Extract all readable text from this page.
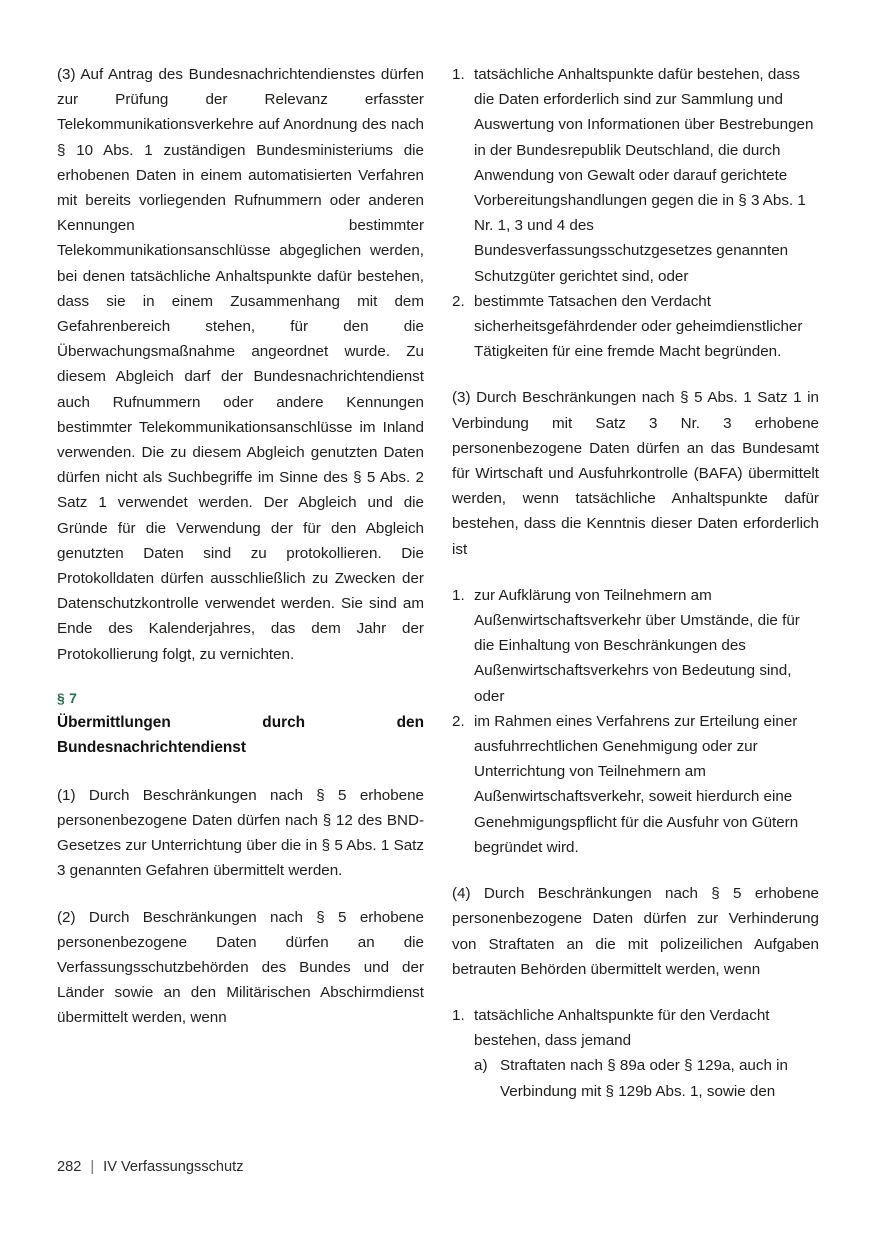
(3) Auf Antrag des Bundesnachrichtendienstes dürfen zur Prüfung der Relevanz erfasster Telekommunikationsverkehre auf Anordnung des nach § 10 Abs. 1 zuständigen Bundesministeriums die erhobenen Daten in einem automatisierten Verfahren mit bereits vorliegenden Rufnummern oder anderen Kennungen bestimmter Telekommunikationsanschlüsse abgeglichen werden, bei denen tatsächliche Anhaltspunkte dafür bestehen, dass sie in einem Zusammenhang mit dem Gefahrenbereich stehen, für den die Überwachungsmaßnahme angeordnet wurde. Zu diesem Abgleich darf der Bundesnachrichtendienst auch Rufnummern oder andere Kennungen bestimmter Telekommunikationsanschlüsse im Inland verwenden. Die zu diesem Abgleich genutzten Daten dürfen nicht als Suchbegriffe im Sinne des § 5 Abs. 2 Satz 1 verwendet werden. Der Abgleich und die Gründe für die Verwendung der für den Abgleich genutzten Daten sind zu protokollieren. Die Protokolldaten dürfen ausschließlich zu Zwecken der Datenschutzkontrolle verwendet werden. Sie sind am Ende des Kalenderjahres, das dem Jahr der Protokollierung folgt, zu vernichten.

§ 7
Übermittlungen durch den Bundesnachrichtendienst

(1) Durch Beschränkungen nach § 5 erhobene personenbezogene Daten dürfen nach § 12 des BND-Gesetzes zur Unterrichtung über die in § 5 Abs. 1 Satz 3 genannten Gefahren übermittelt werden.

(2) Durch Beschränkungen nach § 5 erhobene personenbezogene Daten dürfen an die Verfassungsschutzbehörden des Bundes und der Länder sowie an den Militärischen Abschirmdienst übermittelt werden, wenn

1. tatsächliche Anhaltspunkte dafür bestehen, dass die Daten erforderlich sind zur Sammlung und Auswertung von Informationen über Bestrebungen in der Bundesrepublik Deutschland, die durch Anwendung von Gewalt oder darauf gerichtete Vorbereitungshandlungen gegen die in § 3 Abs. 1 Nr. 1, 3 und 4 des Bundesverfassungsschutzgesetzes genannten Schutzgüter gerichtet sind, oder
2. bestimmte Tatsachen den Verdacht sicherheitsgefährdender oder geheimdienstlicher Tätigkeiten für eine fremde Macht begründen.

(3) Durch Beschränkungen nach § 5 Abs. 1 Satz 1 in Verbindung mit Satz 3 Nr. 3 erhobene personenbezogene Daten dürfen an das Bundesamt für Wirtschaft und Ausfuhrkontrolle (BAFA) übermittelt werden, wenn tatsächliche Anhaltspunkte dafür bestehen, dass die Kenntnis dieser Daten erforderlich ist

1. zur Aufklärung von Teilnehmern am Außenwirtschaftsverkehr über Umstände, die für die Einhaltung von Beschränkungen des Außenwirtschaftsverkehrs von Bedeutung sind, oder
2. im Rahmen eines Verfahrens zur Erteilung einer ausfuhrrechtlichen Genehmigung oder zur Unterrichtung von Teilnehmern am Außenwirtschaftsverkehr, soweit hierdurch eine Genehmigungspflicht für die Ausfuhr von Gütern begründet wird.

(4) Durch Beschränkungen nach § 5 erhobene personenbezogene Daten dürfen zur Verhinderung von Straftaten an die mit polizeilichen Aufgaben betrauten Behörden übermittelt werden, wenn

1. tatsächliche Anhaltspunkte für den Verdacht bestehen, dass jemand
a) Straftaten nach § 89a oder § 129a, auch in Verbindung mit § 129b Abs. 1, sowie den
282 | IV Verfassungsschutz
